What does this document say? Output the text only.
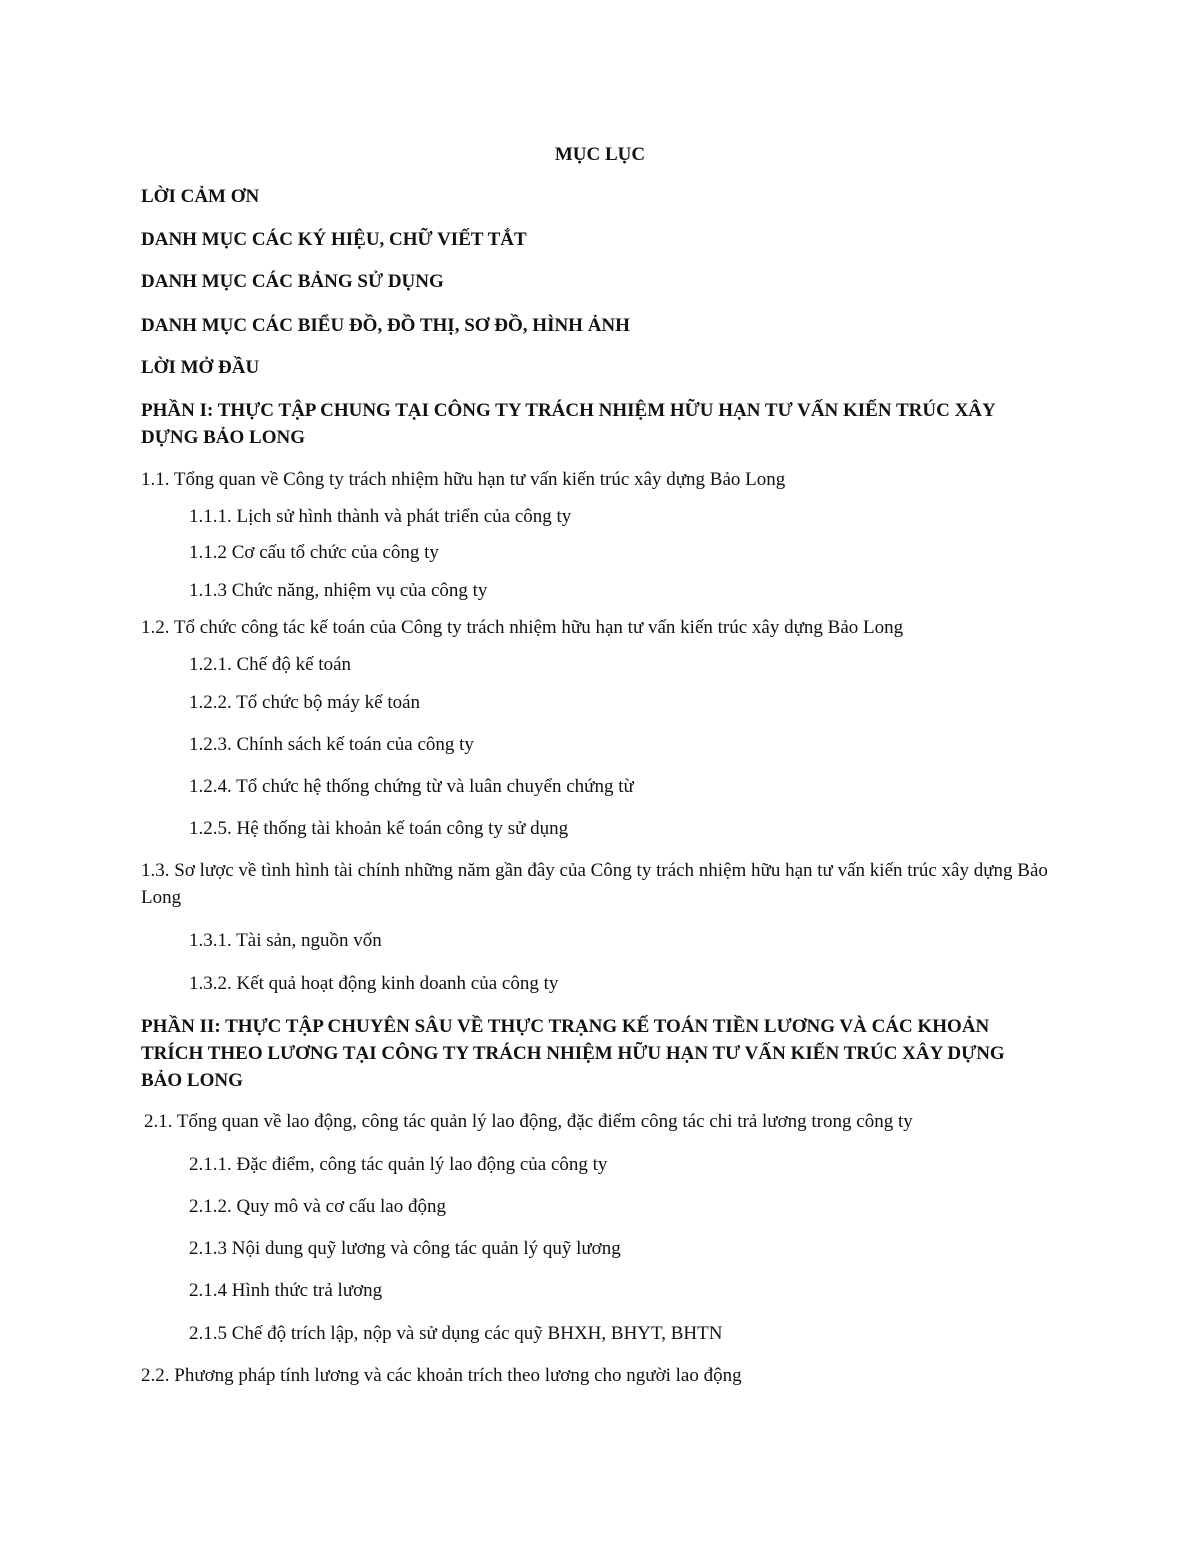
MỤC LỤC

LỜI CẢM ƠN

DANH MỤC CÁC KÝ HIỆU, CHỮ VIẾT TẮT

DANH MỤC CÁC BẢNG SỬ DỤNG

DANH MỤC CÁC BIỂU ĐỒ, ĐỒ THỊ, SƠ ĐỒ, HÌNH ẢNH

LỜI MỞ ĐẦU

PHẦN I: THỰC TẬP CHUNG TẠI CÔNG TY TRÁCH NHIỆM HỮU HẠN TƯ VẤN KIẾN TRÚC XÂY DỰNG BẢO LONG

1.1. Tổng quan về Công ty trách nhiệm hữu hạn tư vấn kiến trúc xây dựng Bảo Long

1.1.1. Lịch sử hình thành và phát triển của công ty

1.1.2 Cơ cấu tổ chức của công ty

1.1.3 Chức năng, nhiệm vụ của công ty

1.2. Tổ chức công tác kế toán của Công ty trách nhiệm hữu hạn tư vấn kiến trúc xây dựng Bảo Long

1.2.1. Chế độ kế toán

1.2.2. Tổ chức bộ máy kế toán

1.2.3. Chính sách kế toán của công ty

1.2.4. Tổ chức hệ thống chứng từ và luân chuyển chứng từ

1.2.5. Hệ thống tài khoản kế toán công ty sử dụng

1.3. Sơ lược về tình hình tài chính những năm gần đây của Công ty trách nhiệm hữu hạn tư vấn kiến trúc xây dựng Bảo Long

1.3.1. Tài sản, nguồn vốn

1.3.2. Kết quả hoạt động kinh doanh của công ty

PHẦN II: THỰC TẬP CHUYÊN SÂU VỀ THỰC TRẠNG KẾ TOÁN TIỀN LƯƠNG VÀ CÁC KHOẢN TRÍCH THEO LƯƠNG TẠI CÔNG TY TRÁCH NHIỆM HỮU HẠN TƯ VẤN KIẾN TRÚC XÂY DỰNG BẢO LONG

2.1. Tổng quan về lao động, công tác quản lý lao động, đặc điểm công tác chi trả lương trong công ty

2.1.1. Đặc điểm, công tác quản lý lao động của công ty

2.1.2. Quy mô và cơ cấu lao động

2.1.3 Nội dung quỹ lương và công tác quản lý quỹ lương

2.1.4 Hình thức trả lương

2.1.5 Chế độ trích lập, nộp và sử dụng các quỹ BHXH, BHYT, BHTN

2.2. Phương pháp tính lương và các khoản trích theo lương cho người lao động
